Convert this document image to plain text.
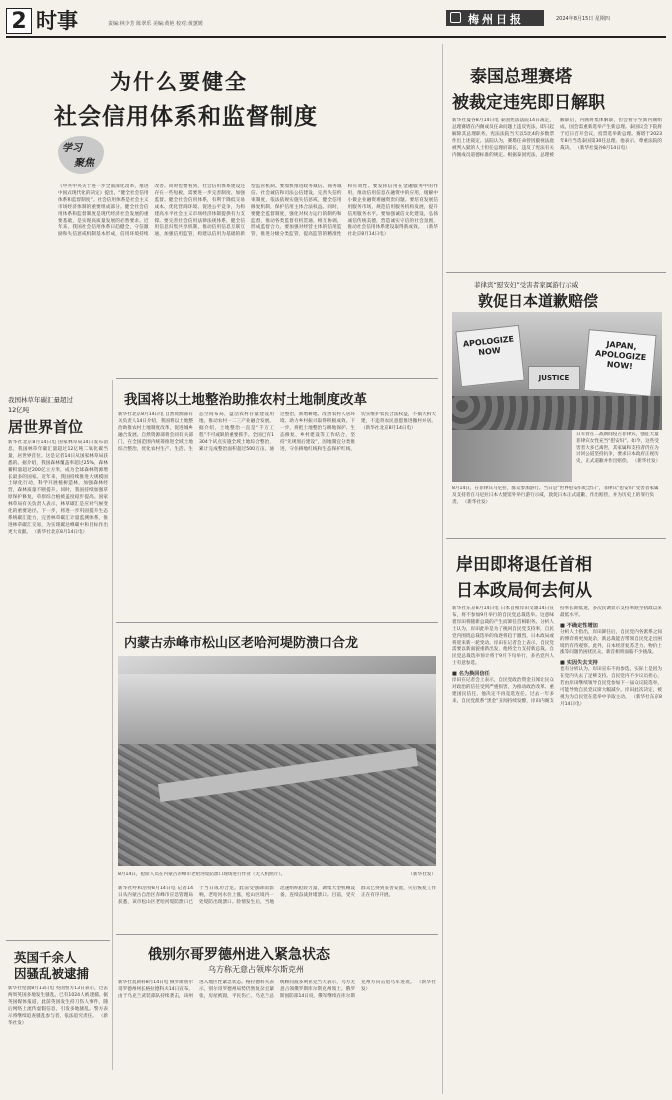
2 时事	责编:林少芳 陈翠乐 美编:黄艳 校对:黄蕙媛	梅州日报	2024年8月15日 星期四
为什么要健全
社会信用体系和监督制度
学习
聚焦
《中共中央关于进一步全面深化改革、推进中国式现代化的决定》提出，“健全社会信用体系和监督制度”。社会信用体系是社会主义市场经济体制的重要组成部分。健全社会信用体系和监督制度是现代经济社会发展的重要基础，是实现高质量发展的必然要求。近年来，我国社会信用体系日趋健全，守信激励和失信惩戒机制基本形成，信用环境持续改善。同时也要看到，社会信用体系建设还存在一些短板，需要进一步完善制度、加强监督。健全社会信用体系，有利于降低交易成本、优化营商环境、促进公平竞争，为构建高水平社会主义市场经济体制提供有力支撑。要完善社会信用法律法规体系，健全信用信息归集共享机制，推动信用信息互联互通，加强信用监管，构建以信用为基础的新型监管机制。要加快推进政务诚信、商务诚信、社会诚信和司法公信建设，完善失信约束制度，依法依规实施失信惩戒，健全信用修复机制，保护信用主体合法权益。同时，要健全监督制度，强化对权力运行的制约和监督，推动各类监督有机贯通、相互协调，形成监督合力。要加强对经营主体的信用监管，推进分级分类监管，提高监管的精准性和有效性。要发挥信用在金融服务中的作用，推动信用信息在融资中的应用，缓解中小微企业融资难融资贵问题。要培育发展信用服务市场，规范信用服务机构发展，提升信用服务水平。要加强诚信文化建设，弘扬诚信传统美德，营造诚实守信的社会氛围，推动社会信用体系建设取得新成效。 （新华社北京8月14日电）
泰国总理赛塔
被裁定违宪即日解职
新华社曼谷8月14日电 泰国宪法法院14日裁定，总理赛塔在内阁成员任命问题上违反宪法，即日起解除其总理职务。宪法法院当天以5比4的多数票作出上述裁定。法院认为，赛塔任命曾因藐视法庭被判入狱的人士担任总理府部长，违反了宪法有关内阁成员道德标准的规定。根据泰国宪法，总理被解职后，内阁将集体解职，但会看守至新内阁组成。国会需重新选举产生新总理。泰国议会下院将于近日召开会议，投票选举新总理。赛塔于2023年8月当选泰国第30任总理。他表示，尊重法院的裁决。 （新华社曼谷8月14日电）
菲律宾“慰安妇”受害者家属游行示威
敦促日本道歉赔偿
APOLOGIZE NOW
JAPAN, APOLOGIZE NOW!
JUSTICE
日军曾在二战期间侵占菲律宾，强征大量菲律宾女性充当“慰安妇”。如今，这些受害者大多已离世，其家属和支持者仍在为讨回公道坚持抗争，要求日本政府正视历史，正式道歉并作出赔偿。 （新华社发）
8月14日，在菲律宾马尼拉，群众参加游行。当日是“世界慰安妇纪念日”，菲律宾“慰安妇”受害者家属及支持者在马尼拉日本大使馆外举行游行示威，敦促日本正式道歉、作出赔偿，并为历史上的罪行负责。 （新华社发）
我国林草年碳汇量超过
12亿吨
居世界首位
新华社北京8月14日电 国家林草局14日发布消息，我国林草年碳汇量超过12亿吨二氧化碳当量，居世界首位。这是记者14日从国家林草局获悉的。据介绍，我国森林覆盖率超过25%，森林蓄积量超过200亿立方米，成为全球森林资源增长最多的国家。近年来，我国持续推进大规模国土绿化行动，科学开展植树造林，加强森林经营，森林质量不断提升。同时，我国持续加强草原保护修复，草原综合植被盖度稳步提高。国家林草局有关负责人表示，林草碳汇是应对气候变化的重要途径。下一步，将进一步巩固提升生态系统碳汇能力，完善林草碳汇计量监测体系，推进林草碳汇交易，为实现碳达峰碳中和目标作出更大贡献。 （新华社北京8月14日电）
英国千余人
因骚乱被逮捕
新华社伦敦8月13日电 英国警方13日表示，过去两周英国多地发生骚乱，已有1024人被逮捕。据英国媒体报道，此前英国发生持刀伤人事件，随后网络上流传虚假信息，引发多地骚乱。警方表示将继续追查骚乱参与者，依法追究责任。 （新华社发）
我国将以土地整治助推农村土地制度改革
新华社北京8月14日电 自然资源部有关负责人14日介绍，我国将以土地整治助推农村土地制度改革，促进城乡融合发展。自然资源部将会同有关部门，在全国范围内统筹推进全域土地综合整治，优化农村生产、生活、生态空间布局，盘活农村存量建设用地，推动农村一二三产业融合发展。据介绍，土地整治一直是“千万工程”不可或缺的重要抓手。全国已有1304个试点实施全域土地综合整治，累计完成整治面积超过500万亩。通过整治，新增耕地、改善农村人居环境、助力乡村振兴取得积极成效。下一步，将把土地整治与耕地保护、生态修复、乡村建设等工作结合，坚持“先规划后建设”，因地制宜分类推进，守住耕地红线和生态保护红线，切实维护农民合法权益，不搞大拆大建，不违背农民意愿推进撤村并居。 （新华社北京8月14日电）
内蒙古赤峰市松山区老哈河堤防溃口合龙
8月14日，抢险人员在内蒙古赤峰市老哈河堤防溃口现场进行作业（无人机照片）。	（新华社发）
新华社呼和浩特8月14日电 记者14日从内蒙古自治区赤峰市应急管理局获悉，该市松山区老哈河堤防溃口已于当日成功合龙。此前受强降雨影响，老哈河水位上涨，松山区境内一处堤防出现溃口。险情发生后，当地迅速组织抢险力量，调集大型机械设备，连续奋战封堵溃口。目前，受灾群众已得到妥善安置，灾后恢复工作正在有序开展。
俄别尔哥罗德州进入紧急状态
乌方称无意占领库尔斯克州
新华社莫斯科8月14日电 俄罗斯别尔哥罗德州州长格拉德科夫14日宣布，由于乌克兰武装部队持续袭击，该州进入地区性紧急状态。格拉德科夫表示，别尔哥罗德州局势仍然复杂且紧张，房屋被毁，平民伤亡。乌克兰总统顾问波多利亚克当天表示，乌方无意占领俄罗斯库尔斯克州领土。俄罗斯国防部14日说，俄军继续在库尔斯克州方向击退乌军进攻。 （新华社发）
岸田即将退任首相
日本政局何去何从
新华社东京8月14日电 日本首相岸田文雄14日宣布，将不参加9月举行的自民党总裁选举。这意味着岸田将随新总裁的产生而卸任首相职务。分析人士认为，岸田此举是为了挽回自民党支持率，自民党内围绕总裁选举的角逐将趋于激烈，日本政局或将迎来新一轮变动。岸田在记者会上表示，自民党需要以新面貌重新出发，他将全力支持新总裁。自民党总裁选举预计将于9月下旬举行，多名党内人士有意参选。
■ 名为换回信任
岸田在记者会上表示，自民党政治资金丑闻让民众对政治的信任受到严重损害，为推动政治改革、重建国民信任，他决定不再竞选连任。过去一年多来，自民党派系“黑金”丑闻持续发酵，岸田内阁支持率长期低迷，多次民调显示支持率跌至执政以来最低水平。
■ 不确定性增加
分析人士指出，岸田卸任后，自民党内各派系之间的博弈将更加复杂，新总裁能否带领自民党走出困境仍有待观察。此外，日本经济复苏乏力、物价上涨等问题仍困扰民众，新首相将面临不少挑战。
■ 实因失去支持
也有分析认为，岸田宣布不再参选，实际上是因为在党内失去了足够支持。自民党内不少议员担心，若由岸田继续领导自民党参加下一届众议院选举，可能导致自民党议席大幅减少。岸田此次决定，被视为为自民党在选举中争取主动。 （新华社东京8月14日电）
